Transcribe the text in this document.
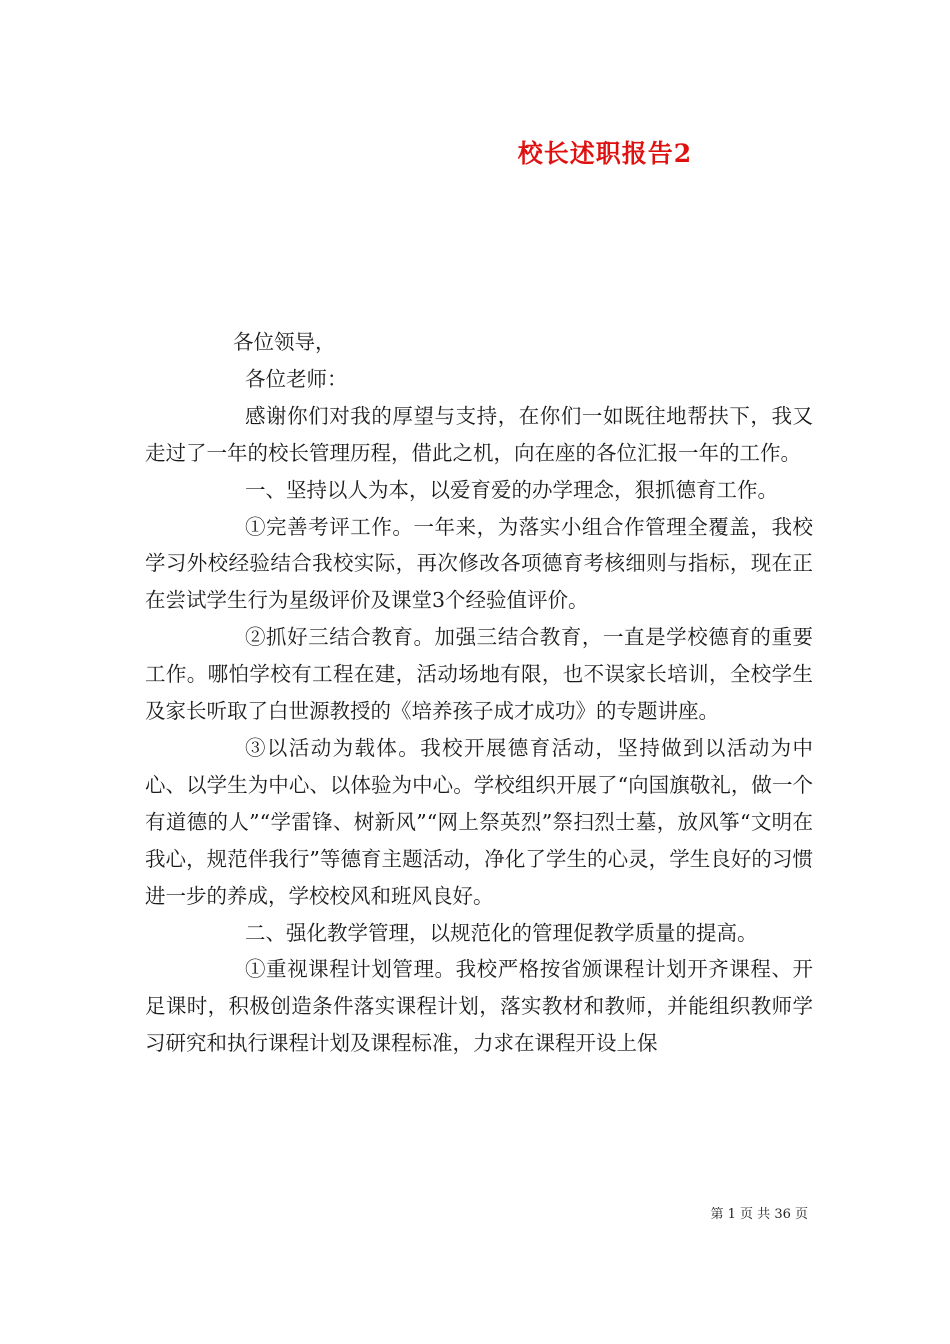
校长述职报告2

各位领导，

各位老师：

感谢你们对我的厚望与支持，在你们一如既往地帮扶下，我又走过了一年的校长管理历程，借此之机，向在座的各位汇报一年的工作。

一、坚持以人为本，以爱育爱的办学理念，狠抓德育工作。

①完善考评工作。一年来，为落实小组合作管理全覆盖，我校学习外校经验结合我校实际，再次修改各项德育考核细则与指标，现在正在尝试学生行为星级评价及课堂3个经验值评价。

②抓好三结合教育。加强三结合教育，一直是学校德育的重要工作。哪怕学校有工程在建，活动场地有限，也不误家长培训，全校学生及家长听取了白世源教授的《培养孩子成才成功》的专题讲座。

③以活动为载体。我校开展德育活动，坚持做到以活动为中心、以学生为中心、以体验为中心。学校组织开展了“向国旗敬礼，做一个有道德的人”“学雷锋、树新风”“网上祭英烈”祭扫烈士墓，放风筝“文明在我心，规范伴我行”等德育主题活动，净化了学生的心灵，学生良好的习惯进一步的养成，学校校风和班风良好。

二、强化教学管理，以规范化的管理促教学质量的提高。

①重视课程计划管理。我校严格按省颁课程计划开齐课程、开足课时，积极创造条件落实课程计划，落实教材和教师，并能组织教师学习研究和执行课程计划及课程标准，力求在课程开设上保

第 1 页 共 36 页
